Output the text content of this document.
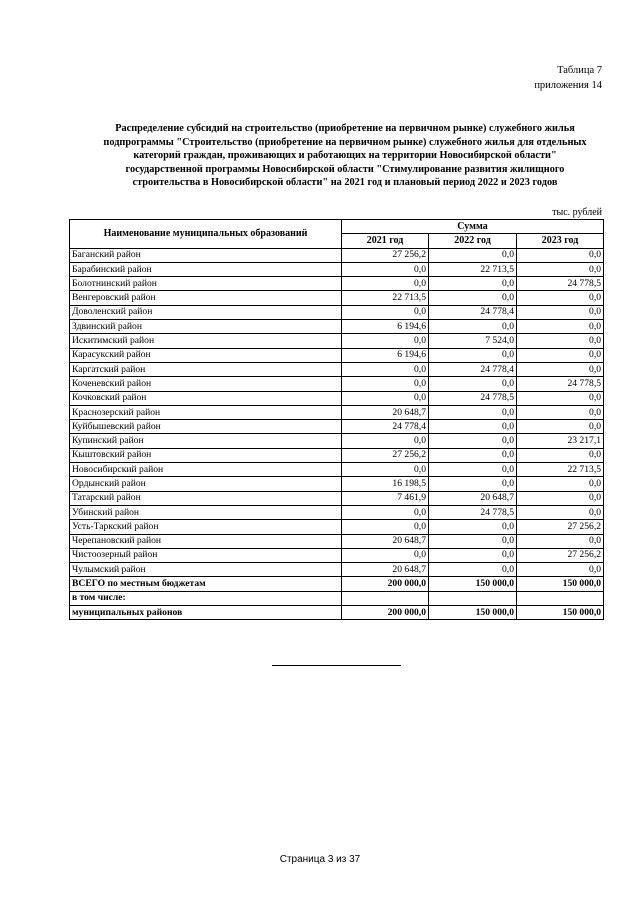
Таблица 7
приложения 14
Распределение субсидий на строительство (приобретение на первичном рынке) служебного жилья
подпрограммы "Строительство (приобретение на первичном рынке) служебного жилья для отдельных
категорий граждан, проживающих и работающих на территории Новосибирской области"
государственной программы Новосибирской области "Стимулирование развития жилищного
строительства в Новосибирской области" на 2021 год и плановый период 2022 и 2023 годов
тыс. рублей
Наименование муниципальных образований	Сумма		
	2021 год	2022 год	2023 год
Баганский район	27 256,2	0,0	0,0
Барабинский район	0,0	22 713,5	0,0
Болотнинский район	0,0	0,0	24 778,5
Венгеровский район	22 713,5	0,0	0,0
Доволенский район	0,0	24 778,4	0,0
Здвинский район	6 194,6	0,0	0,0
Искитимский район	0,0	7 524,0	0,0
Карасукский район	6 194,6	0,0	0,0
Каргатский район	0,0	24 778,4	0,0
Коченевский район	0,0	0,0	24 778,5
Кочковский район	0,0	24 778,5	0,0
Краснозерский район	20 648,7	0,0	0,0
Куйбышевский район	24 778,4	0,0	0,0
Купинский район	0,0	0,0	23 217,1
Кыштовский район	27 256,2	0,0	0,0
Новосибирский район	0,0	0,0	22 713,5
Ордынский район	16 198,5	0,0	0,0
Татарский район	7 461,9	20 648,7	0,0
Убинский район	0,0	24 778,5	0,0
Усть-Таркский район	0,0	0,0	27 256,2
Черепановский район	20 648,7	0,0	0,0
Чистоозерный район	0,0	0,0	27 256,2
Чулымский район	20 648,7	0,0	0,0
ВСЕГО по местным бюджетам	200 000,0	150 000,0	150 000,0
в том числе:			
муниципальных районов	200 000,0	150 000,0	150 000,0
Страница 3 из 37
